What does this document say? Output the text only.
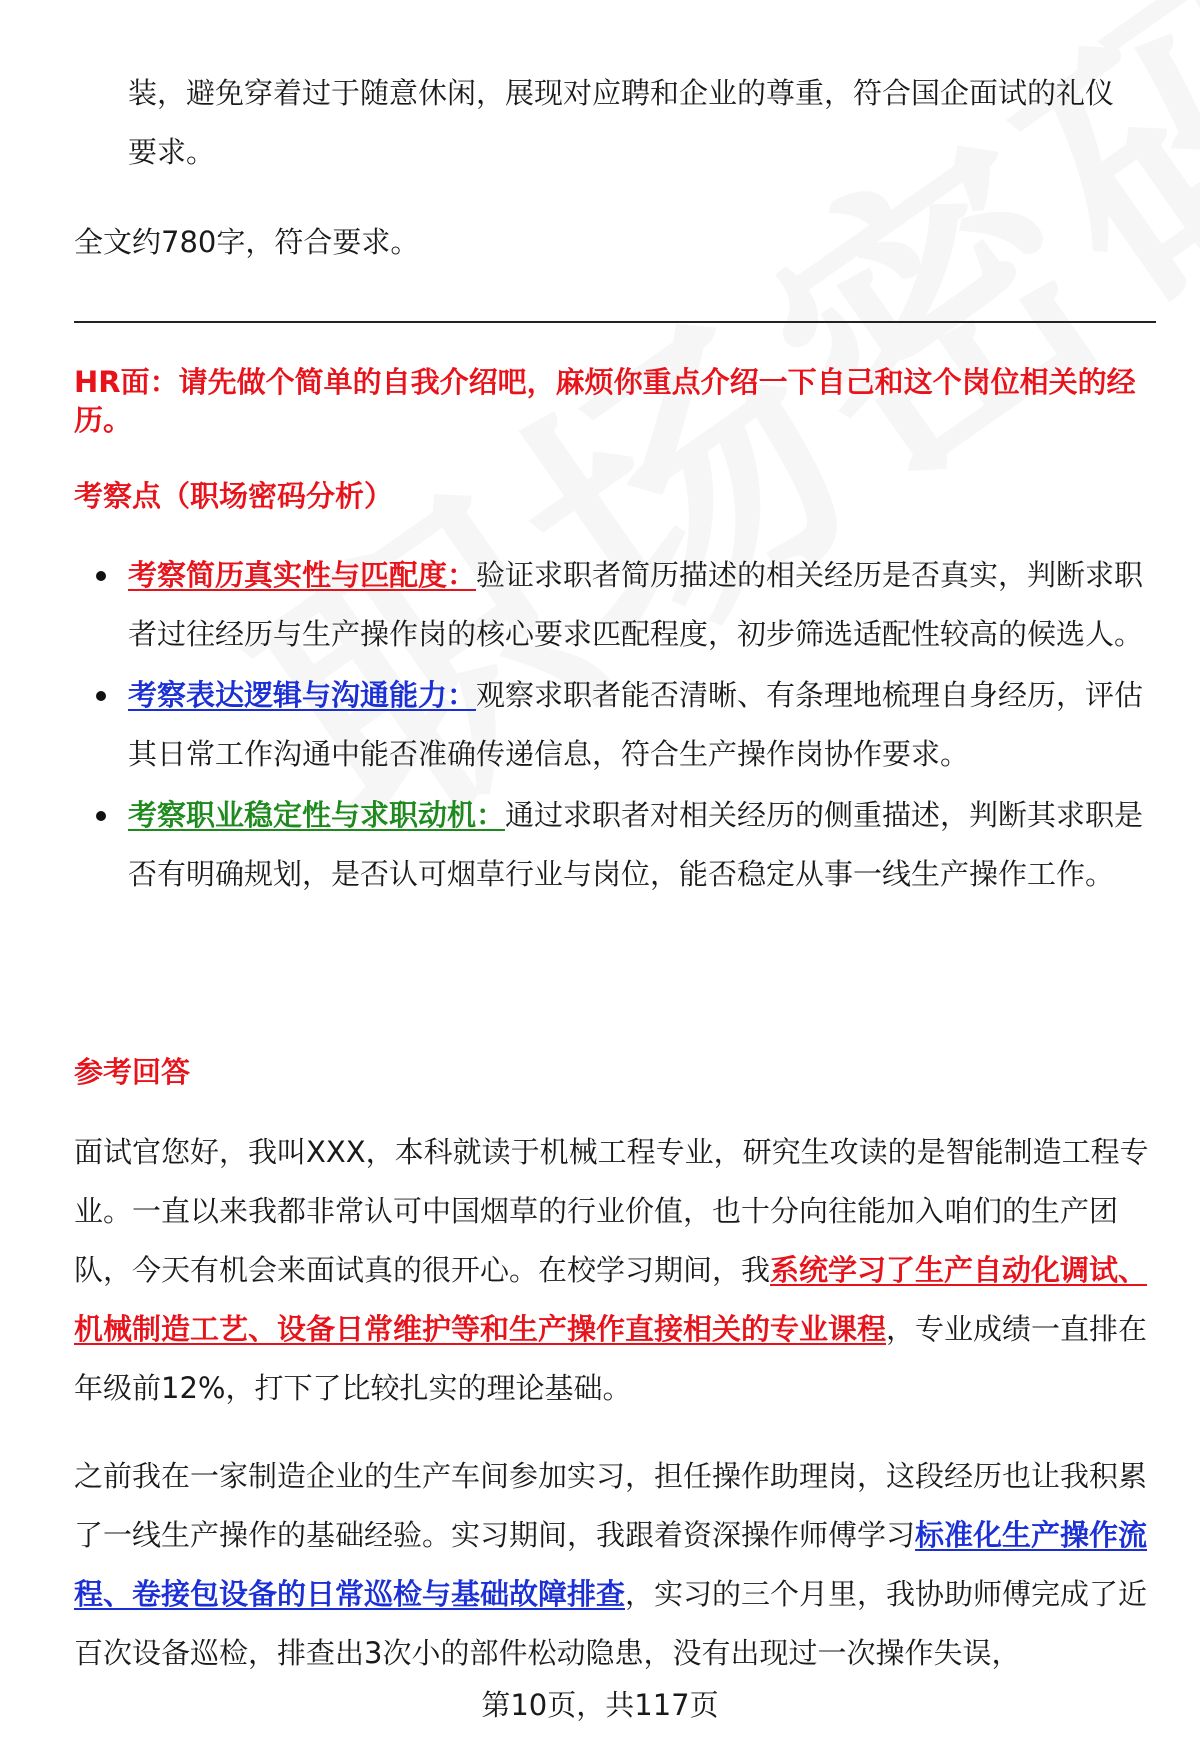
装，避免穿着过于随意休闲，展现对应聘和企业的尊重，符合国企面试的礼仪要求。

全文约780字，符合要求。

HR面：请先做个简单的自我介绍吧，麻烦你重点介绍一下自己和这个岗位相关的经历。
考察点（职场密码分析）
考察简历真实性与匹配度：验证求职者简历描述的相关经历是否真实，判断求职者过往经历与生产操作岗的核心要求匹配程度，初步筛选适配性较高的候选人。
考察表达逻辑与沟通能力：观察求职者能否清晰、有条理地梳理自身经历，评估其日常工作沟通中能否准确传递信息，符合生产操作岗协作要求。
考察职业稳定性与求职动机：通过求职者对相关经历的侧重描述，判断其求职是否有明确规划，是否认可烟草行业与岗位，能否稳定从事一线生产操作工作。
参考回答

面试官您好，我叫XXX，本科就读于机械工程专业，研究生攻读的是智能制造工程专业。一直以来我都非常认可中国烟草的行业价值，也十分向往能加入咱们的生产团队，今天有机会来面试真的很开心。在校学习期间，我系统学习了生产自动化调试、机械制造工艺、设备日常维护等和生产操作直接相关的专业课程，专业成绩一直排在年级前12%，打下了比较扎实的理论基础。

之前我在一家制造企业的生产车间参加实习，担任操作助理岗，这段经历也让我积累了一线生产操作的基础经验。实习期间，我跟着资深操作师傅学习标准化生产操作流程、卷接包设备的日常巡检与基础故障排查，实习的三个月里，我协助师傅完成了近百次设备巡检，排查出3次小的部件松动隐患，没有出现过一次操作失误，

第10页，共117页
